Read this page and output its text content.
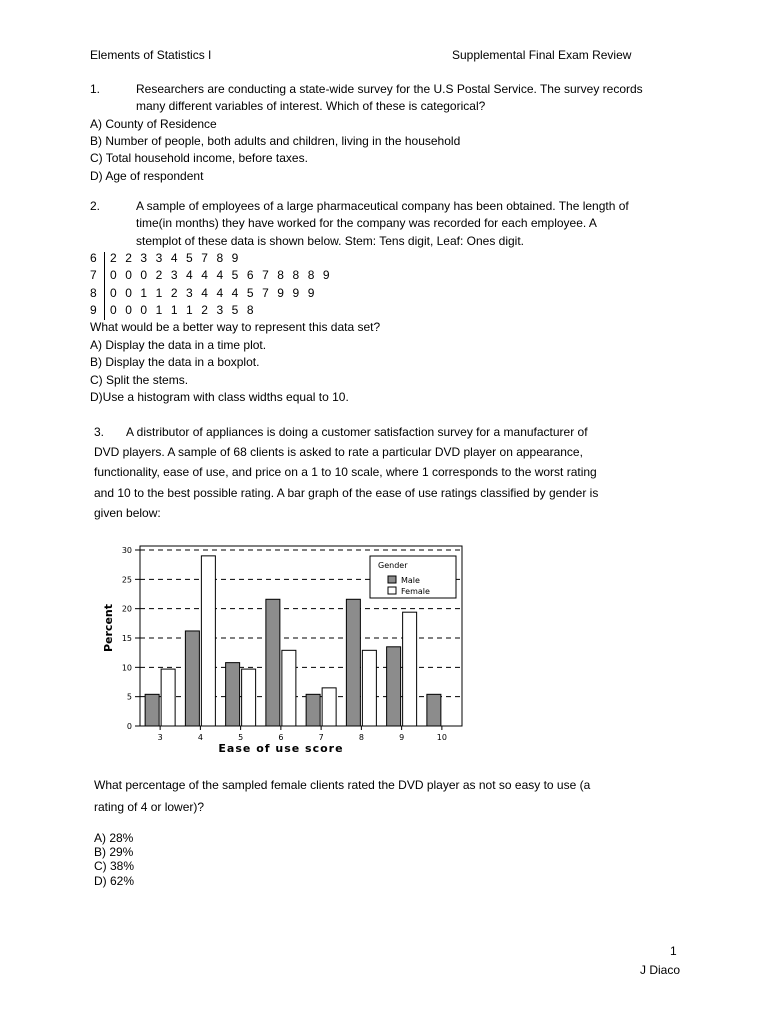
Elements of Statistics I	Supplemental Final Exam Review
1.	Researchers are conducting a state-wide survey for the U.S Postal Service. The survey records
many different variables of interest. Which of these is categorical?
A) County of Residence
B) Number of people, both adults and children, living in the household
C) Total household income, before taxes.
D) Age of respondent
2.	A sample of employees of a large pharmaceutical company has been obtained. The length of
time(in months) they have worked for the company was recorded for each employee. A
stemplot of these data is shown below. Stem: Tens digit, Leaf: Ones digit.
6 2 2 3 3 4 5 7 8 9
7 0 0 0 2 3 4 4 4 5 6 7 8 8 8 9
8 0 0 1 1 2 3 4 4 4 5 7 9 9 9
9 0 0 0 1 1 1 2 3 5 8
What would be a better way to represent this data set?
A) Display the data in a time plot.
B) Display the data in a boxplot.
C) Split the stems.
D)Use a histogram with class widths equal to 10.
3. A distributor of appliances is doing a customer satisfaction survey for a manufacturer of
DVD players. A sample of 68 clients is asked to rate a particular DVD player on appearance,
functionality, ease of use, and price on a 1 to 10 scale, where 1 corresponds to the worst rating
and 10 to the best possible rating. A bar graph of the ease of use ratings classified by gender is
given below:
0
5
10
15
20
25
30
3	4	5	6	7	8	9	10
Ease of use score
Percent
Gender
Male
Female
What percentage of the sampled female clients rated the DVD player as not so easy to use (a
rating of 4 or lower)?
A) 28%
B) 29%
C) 38%
D) 62%
1
J Diaco
